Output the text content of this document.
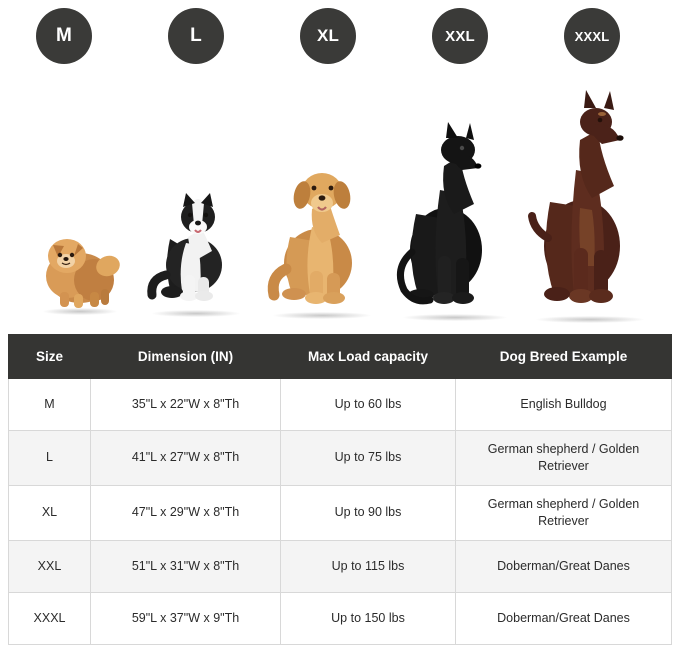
M	L	XL	XXL	XXXL
Size	Dimension (IN)	Max Load capacity	Dog Breed Example
M	35"L x 22"W x 8"Th	Up to 60 lbs	English Bulldog
L	41"L x 27"W x 8"Th	Up to 75 lbs	German shepherd / Golden Retriever
XL	47"L x 29"W x 8"Th	Up to 90 lbs	German shepherd / Golden Retriever
XXL	51"L x 31"W x 8"Th	Up to 115 lbs	Doberman/Great Danes
XXXL	59"L x 37"W x 9"Th	Up to 150 lbs	Doberman/Great Danes
